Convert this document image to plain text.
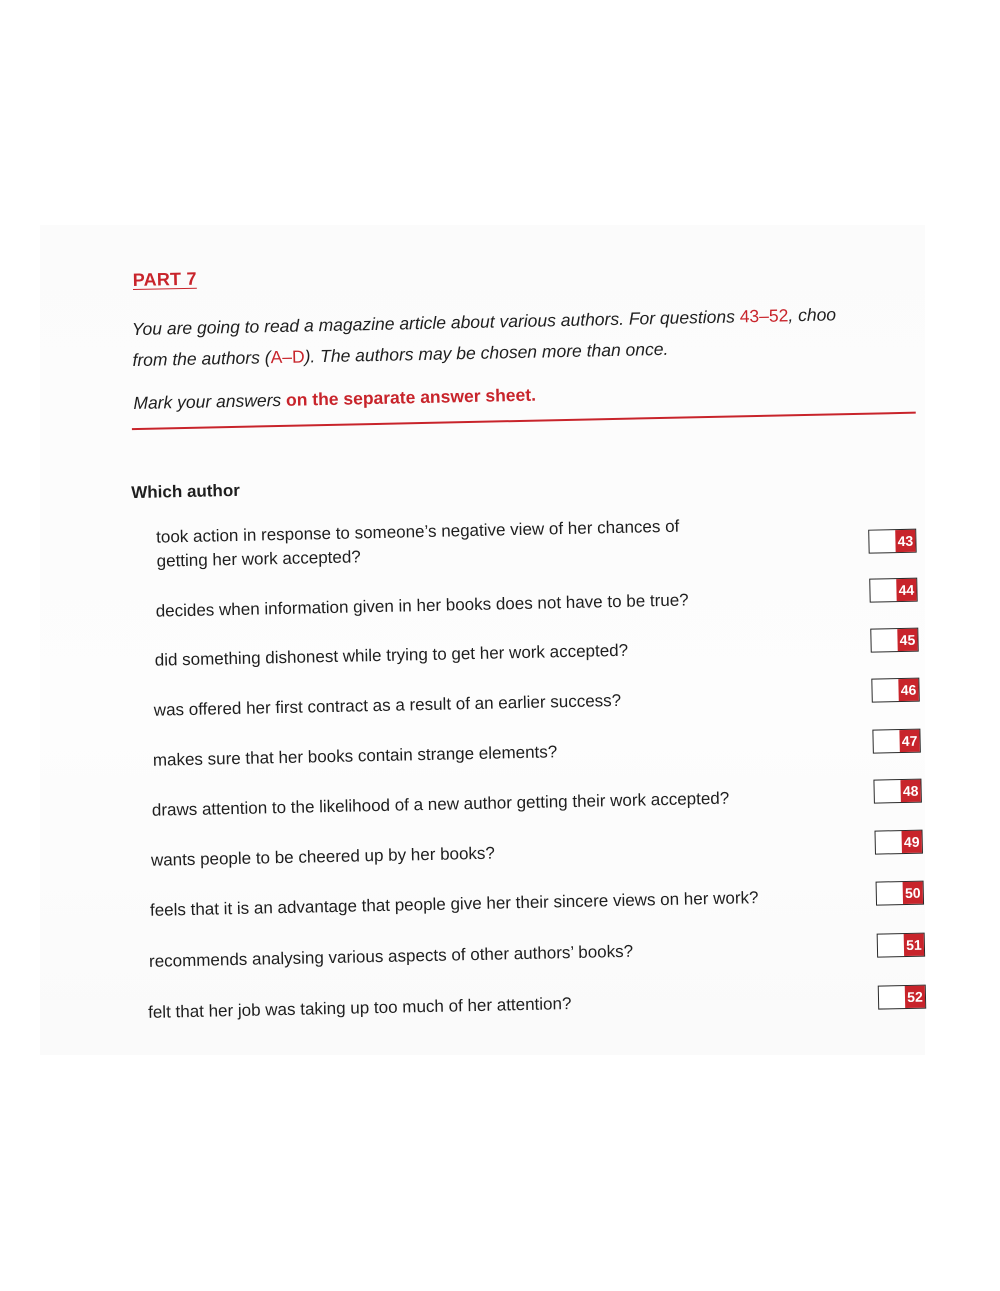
PART 7
You are going to read a magazine article about various authors. For questions 43–52, choo
from the authors (A–D). The authors may be chosen more than once.
Mark your answers on the separate answer sheet.
Which author
took action in response to someone’s negative view of her chances of
getting her work accepted?
43
decides when information given in her books does not have to be true?
44
did something dishonest while trying to get her work accepted?
45
was offered her first contract as a result of an earlier success?
46
makes sure that her books contain strange elements?
47
draws attention to the likelihood of a new author getting their work accepted?	48
wants people to be cheered up by her books?
49
feels that it is an advantage that people give her their sincere views on her work?	50
recommends analysing various aspects of other authors’ books?	51
felt that her job was taking up too much of her attention?	52
